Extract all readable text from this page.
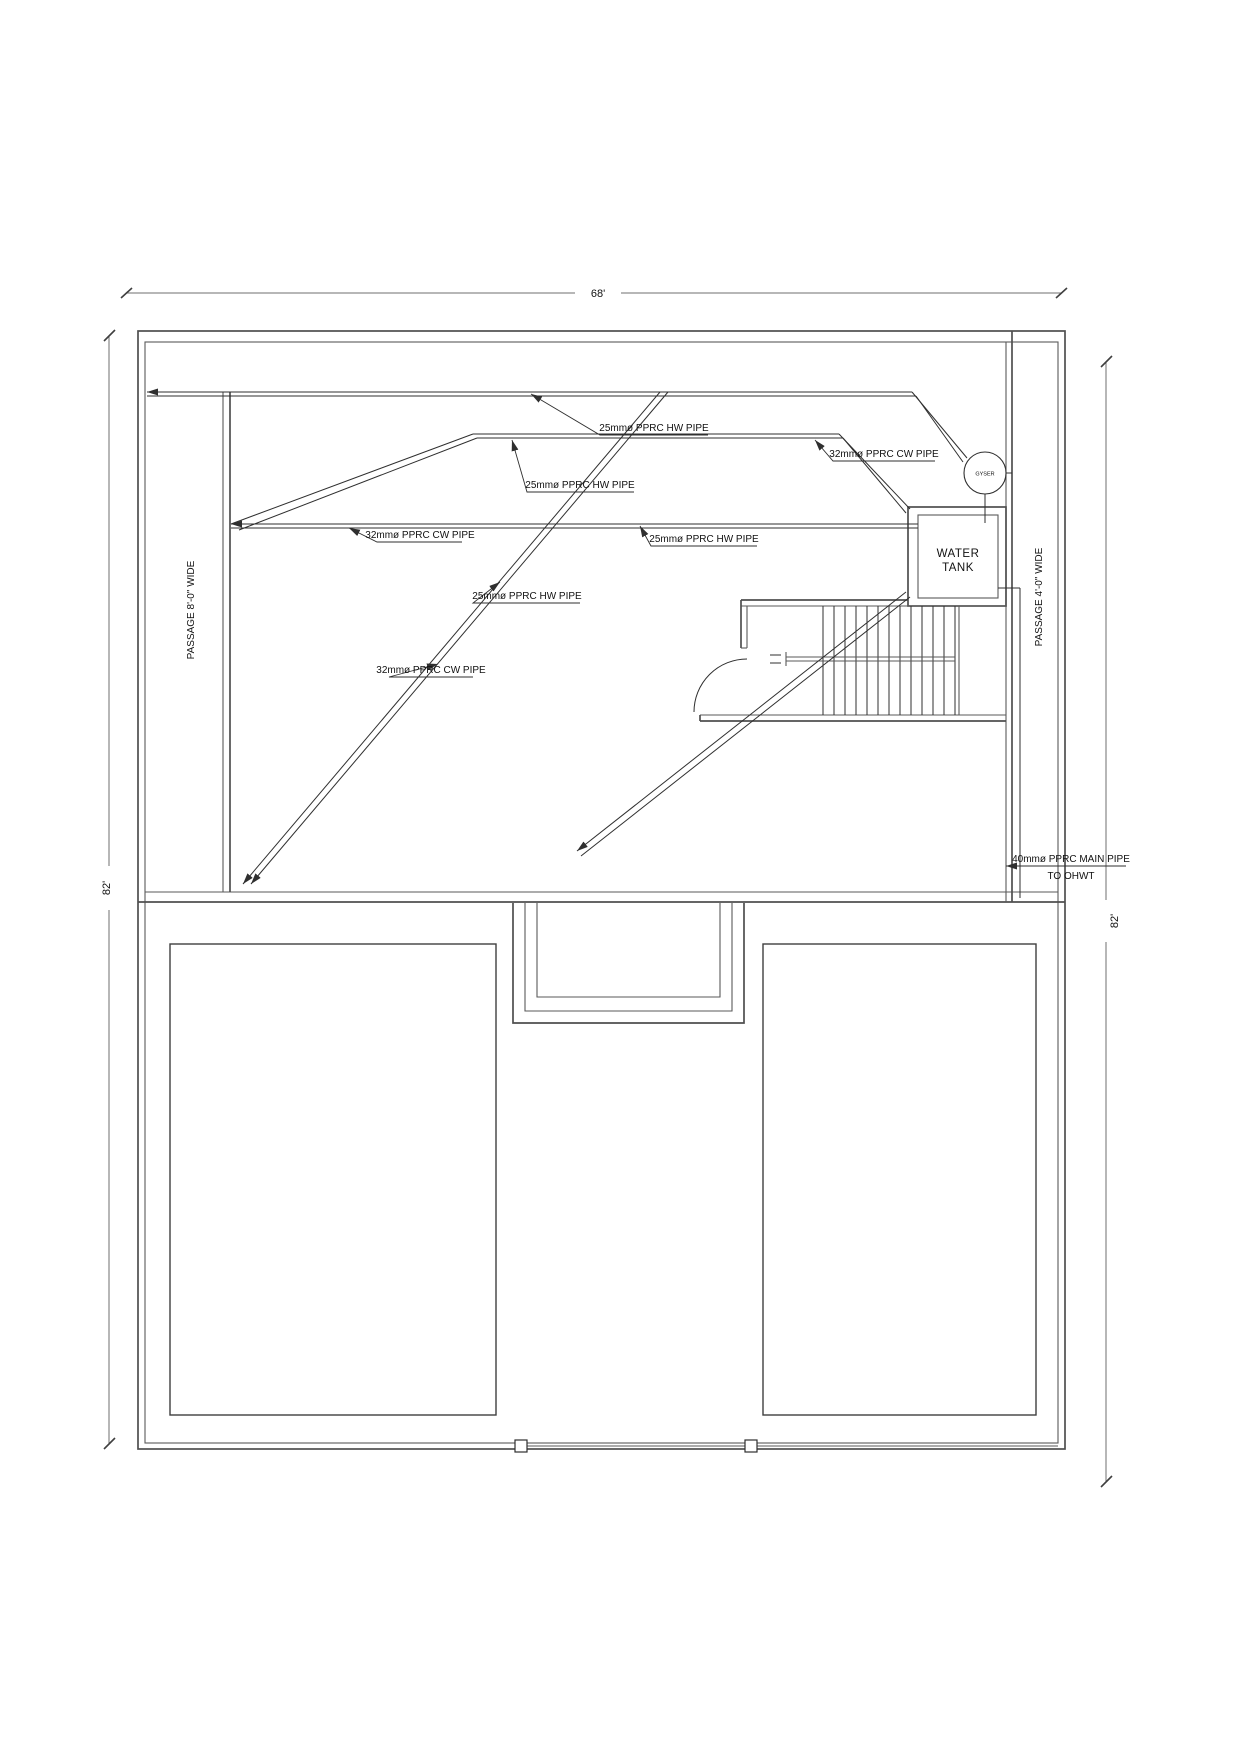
68'
82'
82'
WATER
TANK
GYSER
25mmø PPRC HW PIPE
25mmø PPRC HW PIPE
32mmø PPRC CW PIPE
25mmø PPRC HW PIPE
32mmø PPRC CW PIPE
25mmø PPRC HW PIPE
32mmø PPRC CW PIPE
40mmø PPRC MAIN PIPE
TO OHWT
PASSAGE 8'-0" WIDE	PASSAGE 4'-0" WIDE
